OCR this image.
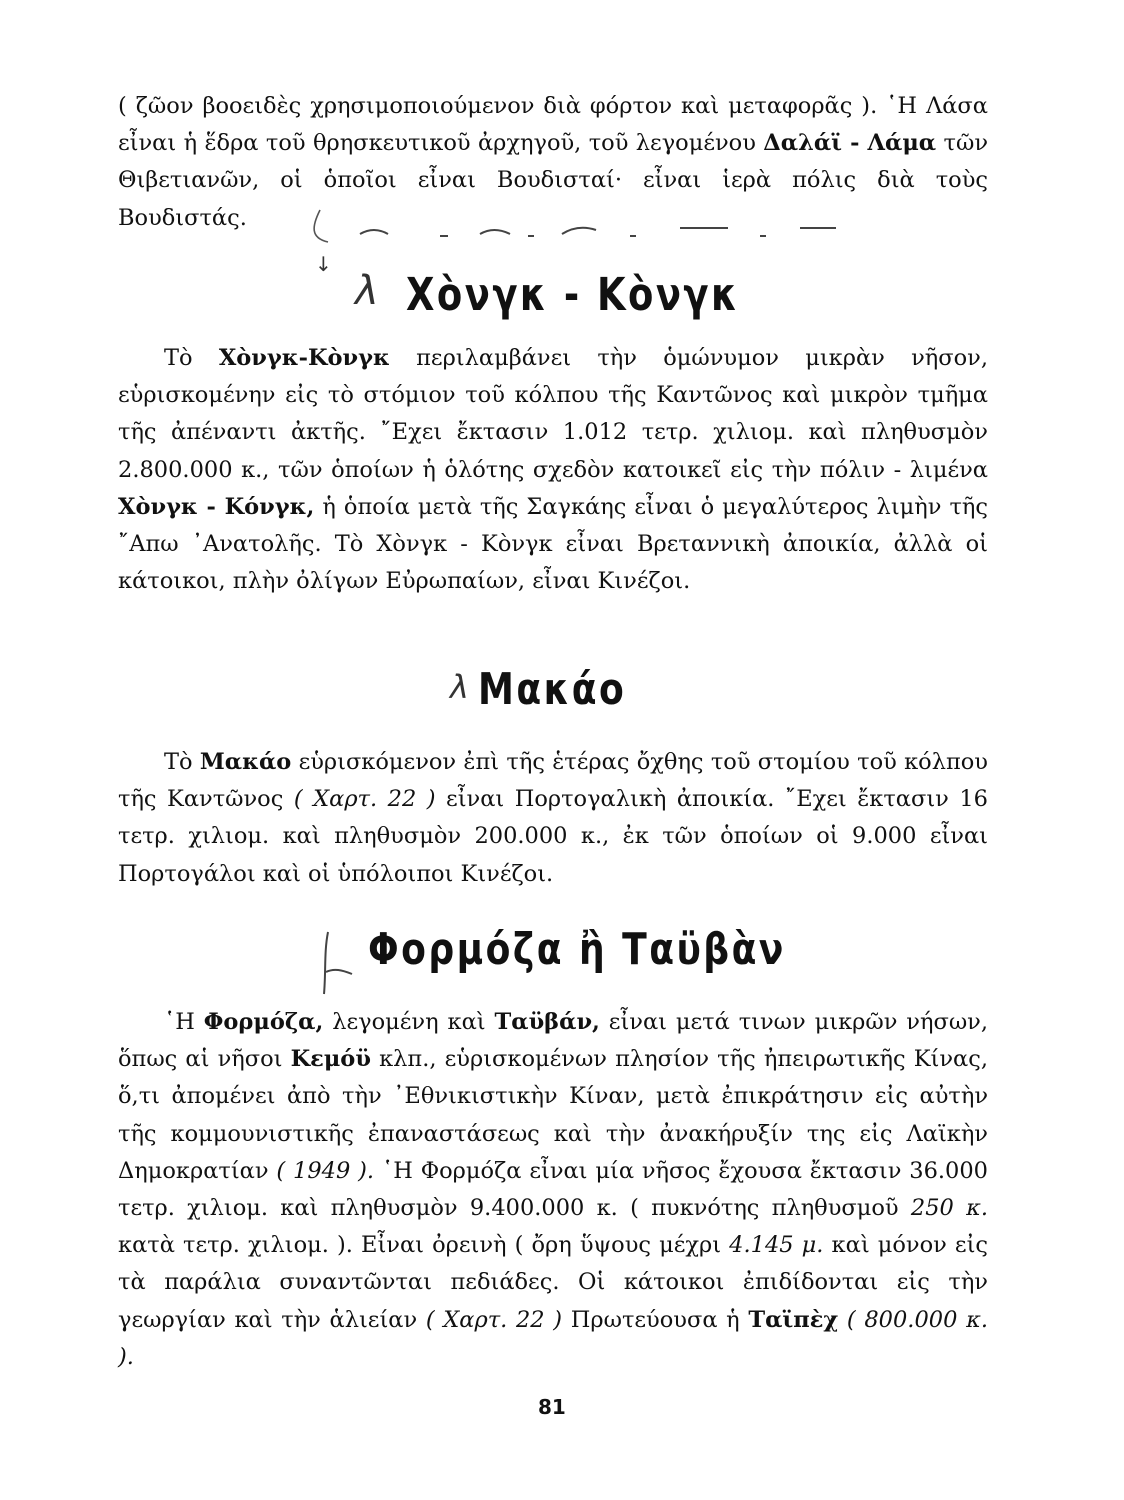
( ζῶον βοοειδὲς χρησιμοποιούμενον διὰ φόρτον καὶ μεταφορᾶς ). ῾Η Λάσα εἶναι ἡ ἕδρα τοῦ θρησκευτικοῦ ἀρχηγοῦ, τοῦ λεγομένου Δαλάϊ - Λάμα τῶν Θιβετιανῶν, οἱ ὁποῖοι εἶναι Βουδισταί· εἶναι ἱερὰ πόλις διὰ τοὺς Βουδιστάς.

↓
λ Χὸνγκ - Κὸνγκ

Τὸ Χὸνγκ-Κὸνγκ περιλαμβάνει τὴν ὁμώνυμον μικρὰν νῆσον, εὑρισκομένην εἰς τὸ στόμιον τοῦ κόλπου τῆς Καντῶνος καὶ μικρὸν τμῆμα τῆς ἀπέναντι ἀκτῆς. ῎Εχει ἔκτασιν 1.012 τετρ. χιλιομ. καὶ πληθυσμὸν 2.800.000 κ., τῶν ὁποίων ἡ ὁλότης σχεδὸν κατοικεῖ εἰς τὴν πόλιν - λιμένα Χὸνγκ - Κόνγκ, ἡ ὁποία μετὰ τῆς Σαγκάης εἶναι ὁ μεγαλύτερος λιμὴν τῆς ῎Απω ᾿Ανατολῆς. Τὸ Χὸνγκ - Κὸνγκ εἶναι Βρεταννικὴ ἀποικία, ἀλλὰ οἱ κάτοικοι, πλὴν ὀλίγων Εὐρωπαίων, εἶναι Κινέζοι.

λ Μακάο

Τὸ Μακάο εὑρισκόμενον ἐπὶ τῆς ἑτέρας ὄχθης τοῦ στομίου τοῦ κόλπου τῆς Καντῶνος ( Χαρτ. 22 ) εἶναι Πορτογαλικὴ ἀποικία. ῎Εχει ἔκτασιν 16 τετρ. χιλιομ. καὶ πληθυσμὸν 200.000 κ., ἐκ τῶν ὁποίων οἱ 9.000 εἶναι Πορτογάλοι καὶ οἱ ὑπόλοιποι Κινέζοι.

Φορμόζα ἢ Ταϋβὰν

῾Η Φορμόζα, λεγομένη καὶ Ταϋβάν, εἶναι μετά τινων μικρῶν νήσων, ὅπως αἱ νῆσοι Κεμόϋ κλπ., εὑρισκομένων πλησίον τῆς ἠπειρωτικῆς Κίνας, ὅ,τι ἀπομένει ἀπὸ τὴν ᾿Εθνικιστικὴν Κίναν, μετὰ ἐπικράτησιν εἰς αὐτὴν τῆς κομμουνιστικῆς ἐπαναστάσεως καὶ τὴν ἀνακήρυξίν της εἰς Λαϊκὴν Δημοκρατίαν ( 1949 ). ῾Η Φορμόζα εἶναι μία νῆσος ἔχουσα ἔκτασιν 36.000 τετρ. χιλιομ. καὶ πληθυσμὸν 9.400.000 κ. ( πυκνότης πληθυσμοῦ 250 κ. κατὰ τετρ. χιλιομ. ). Εἶναι ὀρεινὴ ( ὄρη ὕψους μέχρι 4.145 μ. καὶ μόνον εἰς τὰ παράλια συναντῶνται πεδιάδες. Οἱ κάτοικοι ἐπιδίδονται εἰς τὴν γεωργίαν καὶ τὴν ἁλιείαν ( Χαρτ. 22 ) Πρωτεύουσα ἡ Ταϊπὲχ ( 800.000 κ. ).

81
